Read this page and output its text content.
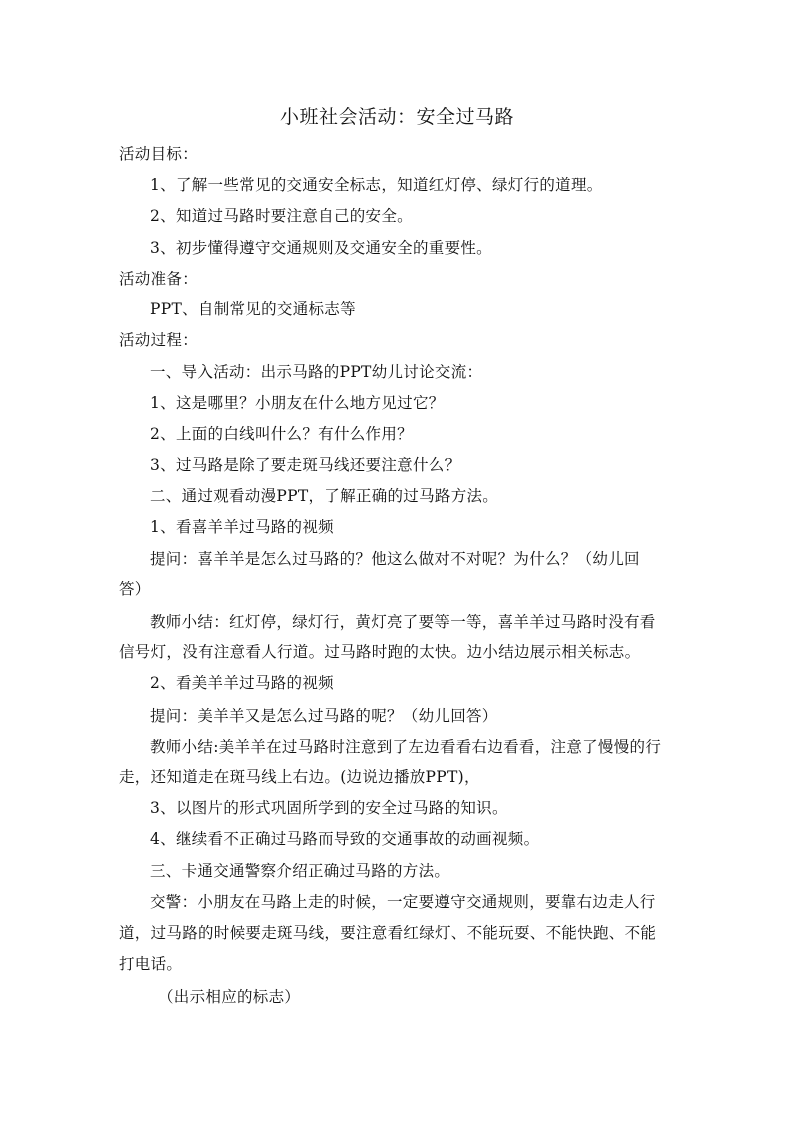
小班社会活动：安全过马路
活动目标：
1、了解一些常见的交通安全标志，知道红灯停、绿灯行的道理。
2、知道过马路时要注意自己的安全。
3、初步懂得遵守交通规则及交通安全的重要性。
活动准备：
PPT、自制常见的交通标志等
活动过程：
一、导入活动：出示马路的PPT幼儿讨论交流：
1、这是哪里？小朋友在什么地方见过它？
2、上面的白线叫什么？有什么作用？
3、过马路是除了要走斑马线还要注意什么？
二、通过观看动漫PPT，了解正确的过马路方法。
1、看喜羊羊过马路的视频
提问：喜羊羊是怎么过马路的？他这么做对不对呢？为什么？（幼儿回
答）
教师小结：红灯停，绿灯行，黄灯亮了要等一等，喜羊羊过马路时没有看
信号灯，没有注意看人行道。过马路时跑的太快。边小结边展示相关标志。
2、看美羊羊过马路的视频
提问：美羊羊又是怎么过马路的呢？（幼儿回答）
教师小结:美羊羊在过马路时注意到了左边看看右边看看，注意了慢慢的行
走，还知道走在斑马线上右边。(边说边播放PPT)，
3、以图片的形式巩固所学到的安全过马路的知识。
4、继续看不正确过马路而导致的交通事故的动画视频。
三、卡通交通警察介绍正确过马路的方法。
交警：小朋友在马路上走的时候，一定要遵守交通规则，要靠右边走人行
道，过马路的时候要走斑马线，要注意看红绿灯、不能玩耍、不能快跑、不能
打电话。
（出示相应的标志）
